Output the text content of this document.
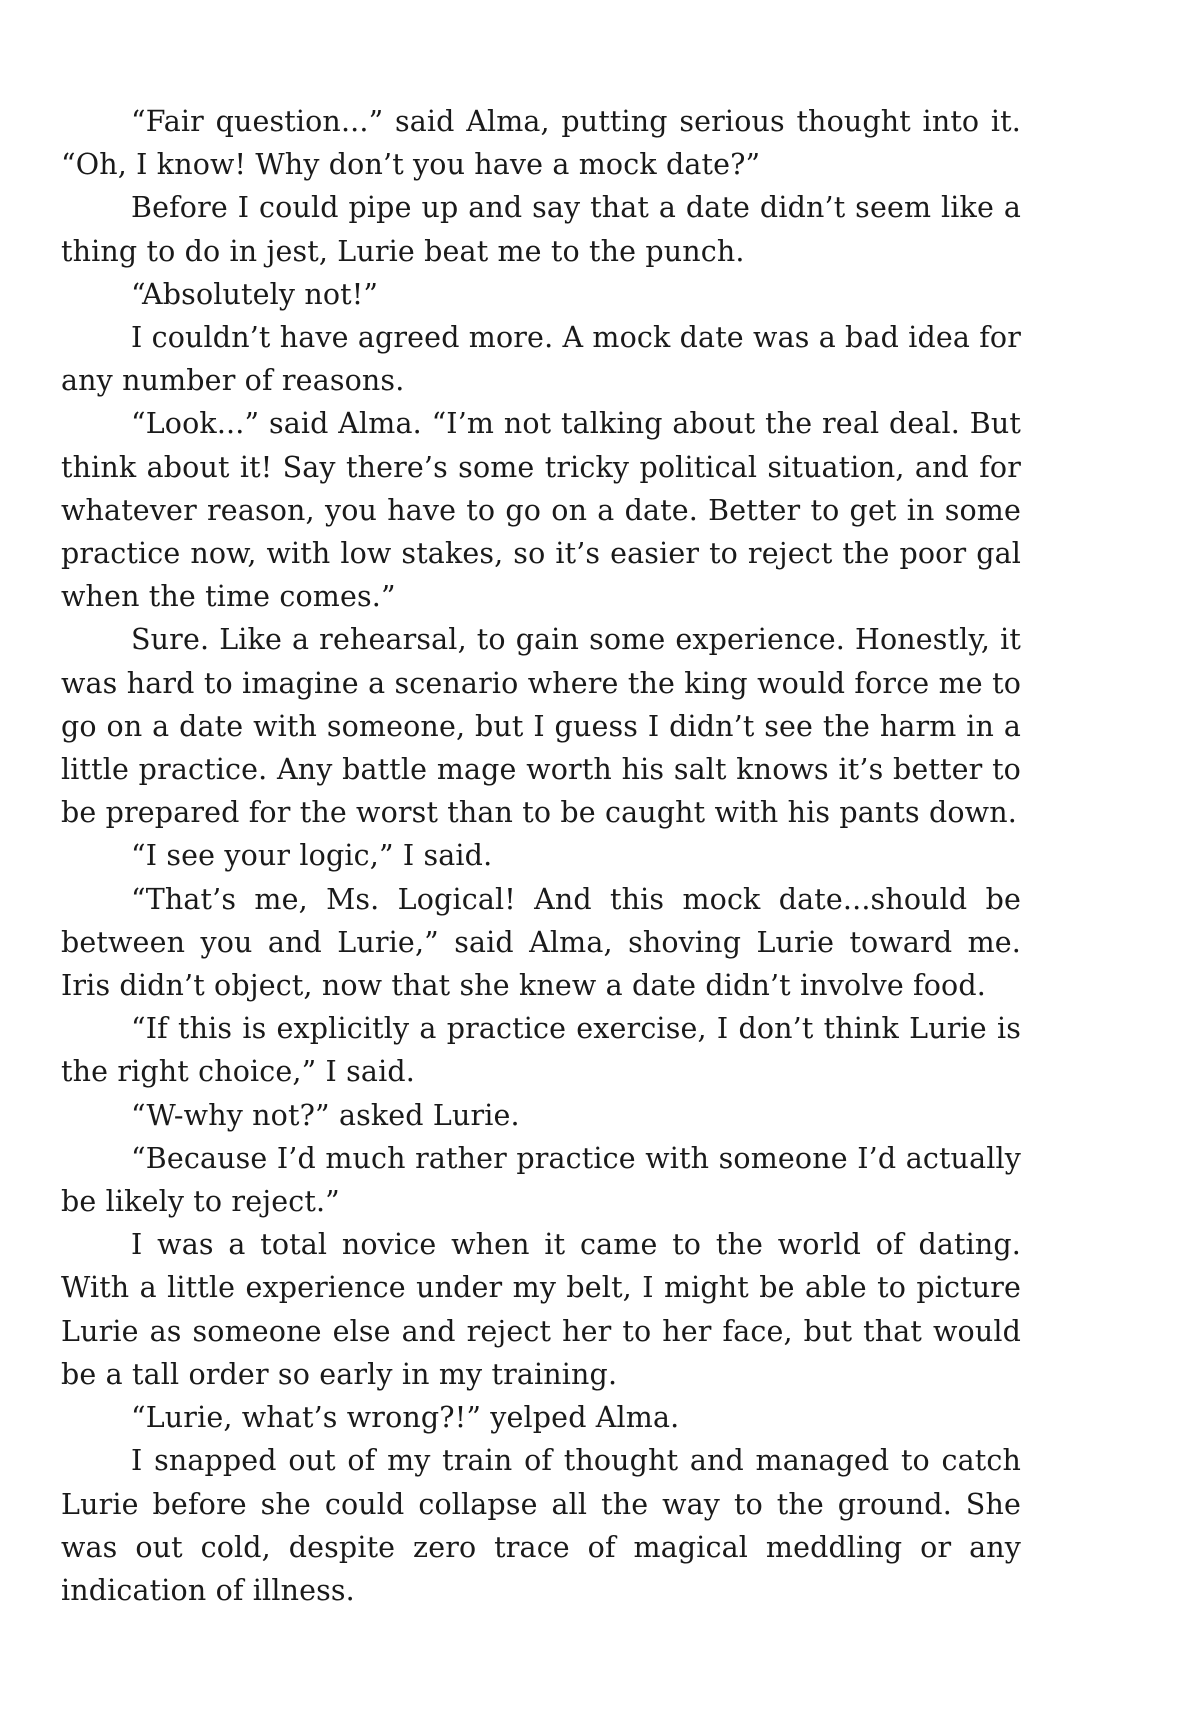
“Fair question...” said Alma, putting serious thought into it. “Oh, I know! Why don’t you have a mock date?”

Before I could pipe up and say that a date didn’t seem like a thing to do in jest, Lurie beat me to the punch.

“Absolutely not!”

I couldn’t have agreed more. A mock date was a bad idea for any number of reasons.

“Look...” said Alma. “I’m not talking about the real deal. But think about it! Say there’s some tricky political situation, and for whatever reason, you have to go on a date. Better to get in some practice now, with low stakes, so it’s easier to reject the poor gal when the time comes.”

Sure. Like a rehearsal, to gain some experience. Honestly, it was hard to imagine a scenario where the king would force me to go on a date with someone, but I guess I didn’t see the harm in a little practice. Any battle mage worth his salt knows it’s better to be prepared for the worst than to be caught with his pants down.

“I see your logic,” I said.

“That’s me, Ms. Logical! And this mock date...should be between you and Lurie,” said Alma, shoving Lurie toward me. Iris didn’t object, now that she knew a date didn’t involve food.

“If this is explicitly a practice exercise, I don’t think Lurie is the right choice,” I said.

“W-why not?” asked Lurie.

“Because I’d much rather practice with someone I’d actually be likely to reject.”

I was a total novice when it came to the world of dating. With a little experience under my belt, I might be able to picture Lurie as someone else and reject her to her face, but that would be a tall order so early in my training.

“Lurie, what’s wrong?!” yelped Alma.

I snapped out of my train of thought and managed to catch Lurie before she could collapse all the way to the ground. She was out cold, despite zero trace of magical meddling or any indication of illness.
